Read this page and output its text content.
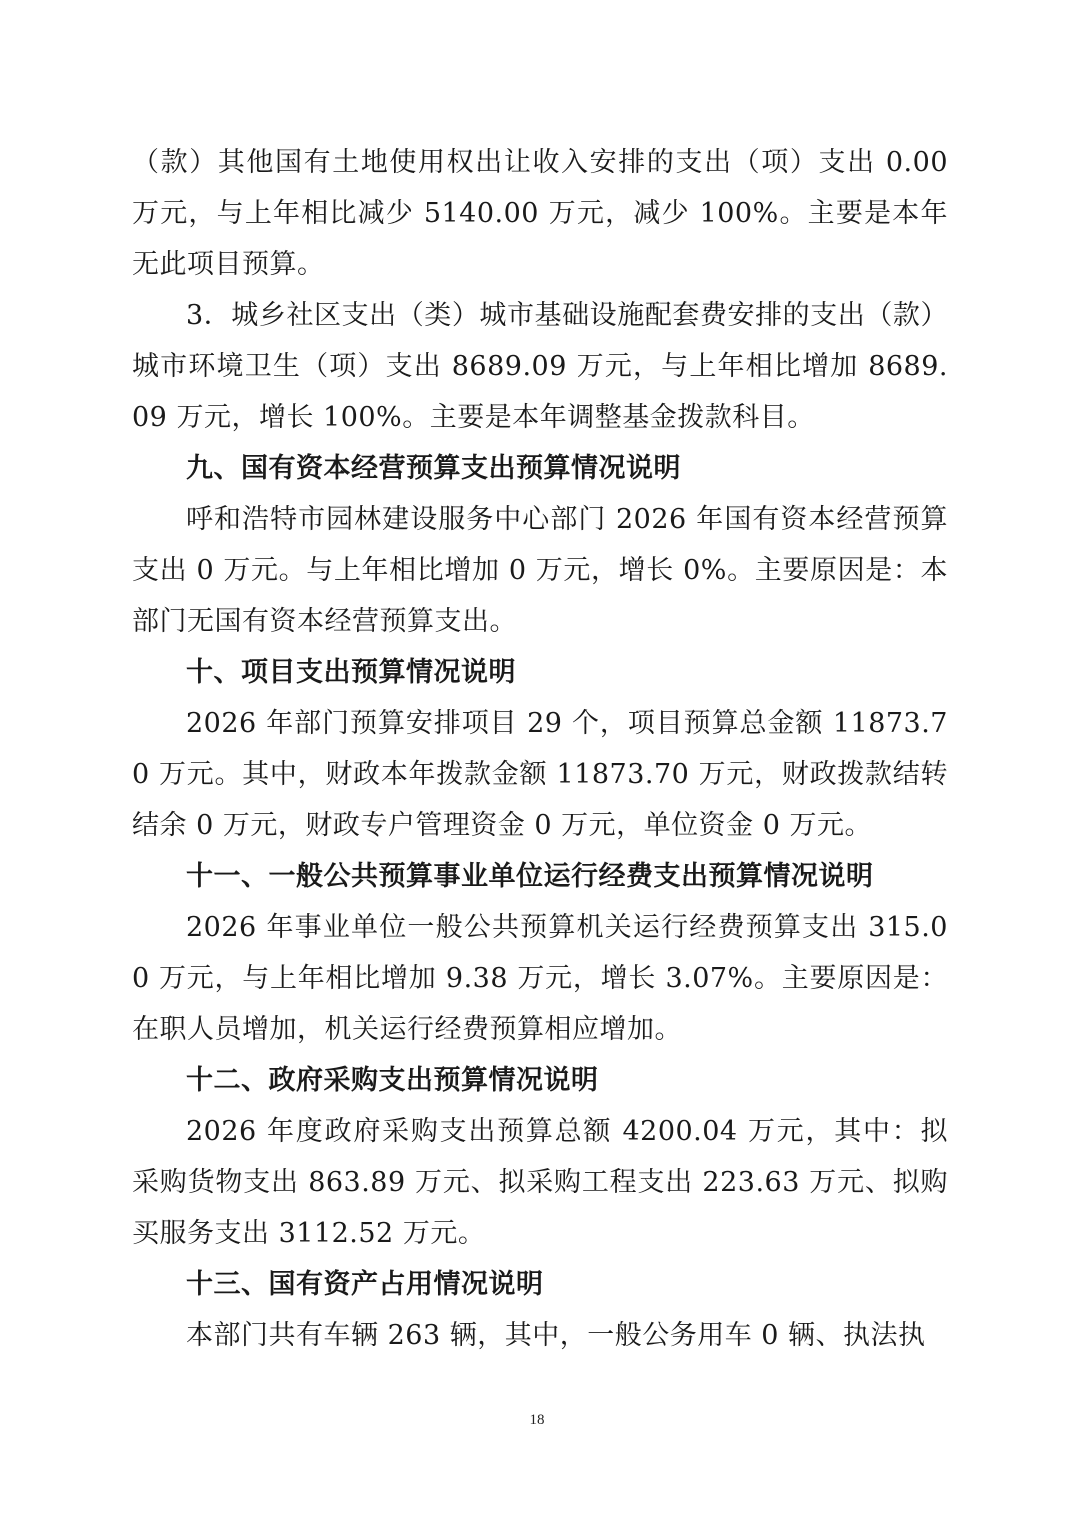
（款）其他国有土地使用权出让收入安排的支出（项）支出 0.00 万元，与上年相比减少 5140.00 万元，减少 100%。主要是本年无此项目预算。

3．城乡社区支出（类）城市基础设施配套费安排的支出（款）城市环境卫生（项）支出 8689.09 万元，与上年相比增加 8689.09 万元，增长 100%。主要是本年调整基金拨款科目。

九、国有资本经营预算支出预算情况说明

呼和浩特市园林建设服务中心部门 2026 年国有资本经营预算支出 0 万元。与上年相比增加 0 万元，增长 0%。主要原因是：本部门无国有资本经营预算支出。

十、项目支出预算情况说明

2026 年部门预算安排项目 29 个，项目预算总金额 11873.70 万元。其中，财政本年拨款金额 11873.70 万元，财政拨款结转结余 0 万元，财政专户管理资金 0 万元，单位资金 0 万元。

十一、一般公共预算事业单位运行经费支出预算情况说明

2026 年事业单位一般公共预算机关运行经费预算支出 315.00 万元，与上年相比增加 9.38 万元，增长 3.07%。主要原因是：在职人员增加，机关运行经费预算相应增加。

十二、政府采购支出预算情况说明

2026 年度政府采购支出预算总额 4200.04 万元，其中：拟采购货物支出 863.89 万元、拟采购工程支出 223.63 万元、拟购买服务支出 3112.52 万元。

十三、国有资产占用情况说明

本部门共有车辆 263 辆，其中，一般公务用车 0 辆、执法执

18
